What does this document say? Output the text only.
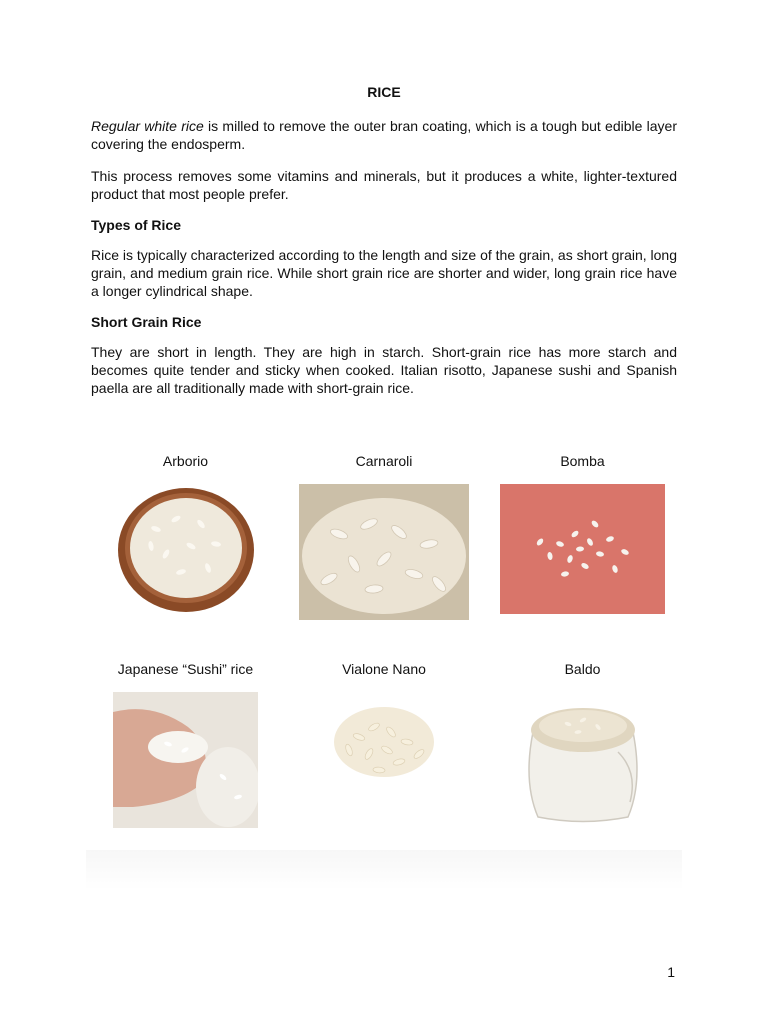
RICE

Regular white rice is milled to remove the outer bran coating, which is a tough but edible layer covering the endosperm.

This process removes some vitamins and minerals, but it produces a white, lighter-textured product that most people prefer.

Types of Rice

Rice is typically characterized according to the length and size of the grain, as short grain, long grain, and medium grain rice. While short grain rice are shorter and wider, long grain rice have a longer cylindrical shape.

Short Grain Rice

They are short in length. They are high in starch. Short-grain rice has more starch and becomes quite tender and sticky when cooked. Italian risotto, Japanese sushi and Spanish paella are all traditionally made with short-grain rice.

Arborio	Carnaroli	Bomba
Japanese “Sushi” rice	Vialone Nano	Baldo
1
